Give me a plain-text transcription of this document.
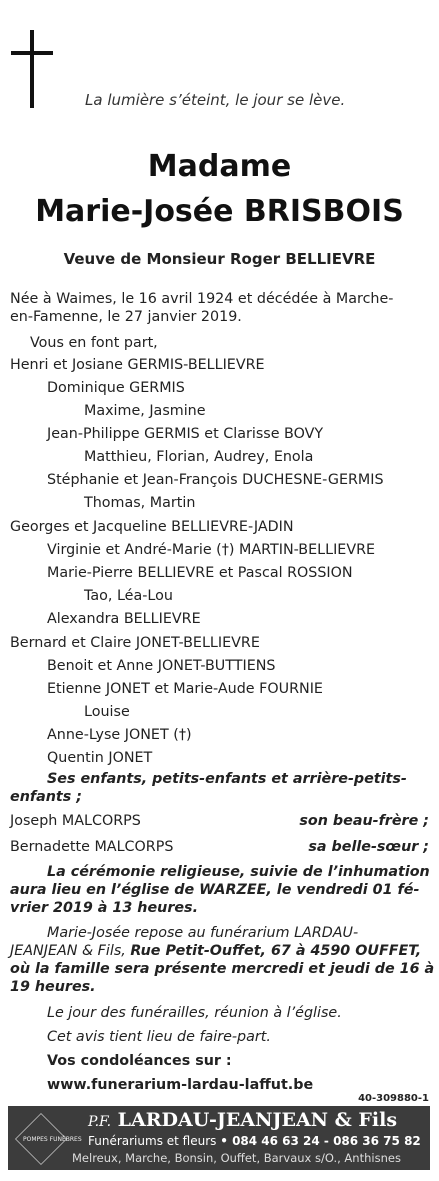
La lumière s’éteint, le jour se lève.
Madame
Marie-Josée BRISBOIS
Veuve de Monsieur Roger BELLIEVRE
Née à Waimes, le 16 avril 1924 et décédée à Marche-
en-Famenne, le 27 janvier 2019.
Vous en font part,
Henri et Josiane GERMIS-BELLIEVRE
Dominique GERMIS
Maxime, Jasmine
Jean-Philippe GERMIS et Clarisse BOVY
Matthieu, Florian, Audrey, Enola
Stéphanie et Jean-François DUCHESNE-GERMIS
Thomas, Martin
Georges et Jacqueline BELLIEVRE-JADIN
Virginie et André-Marie (†) MARTIN-BELLIEVRE
Marie-Pierre BELLIEVRE et Pascal ROSSION
Tao, Léa-Lou
Alexandra BELLIEVRE
Bernard et Claire JONET-BELLIEVRE
Benoit et Anne JONET-BUTTIENS
Etienne JONET et Marie-Aude FOURNIE
Louise
Anne-Lyse JONET (†)
Quentin JONET
Ses enfants, petits-enfants et arrière-petits-
enfants ;
Joseph MALCORPS	son beau-frère ;
Bernadette MALCORPS	sa belle-sœur ;
La cérémonie religieuse, suivie de l’inhumation
aura lieu en l’église de WARZEE, le vendredi 01 fé-
vrier 2019 à 13 heures.
Marie-Josée repose au funérarium LARDAU-
JEANJEAN & Fils, Rue Petit-Ouffet, 67 à 4590 OUFFET,
où la famille sera présente mercredi et jeudi de 16 à
19 heures.
Le jour des funérailles, réunion à l’église.
Cet avis tient lieu de faire-part.
Vos condoléances sur :
www.funerarium-lardau-laffut.be
40-309880-1
POMPES FUNÈBRES
P.F. LARDAU-JEANJEAN & Fils
Funérariums et fleurs • 084 46 63 24 - 086 36 75 82
Melreux, Marche, Bonsin, Ouffet, Barvaux s/O., Anthisnes
